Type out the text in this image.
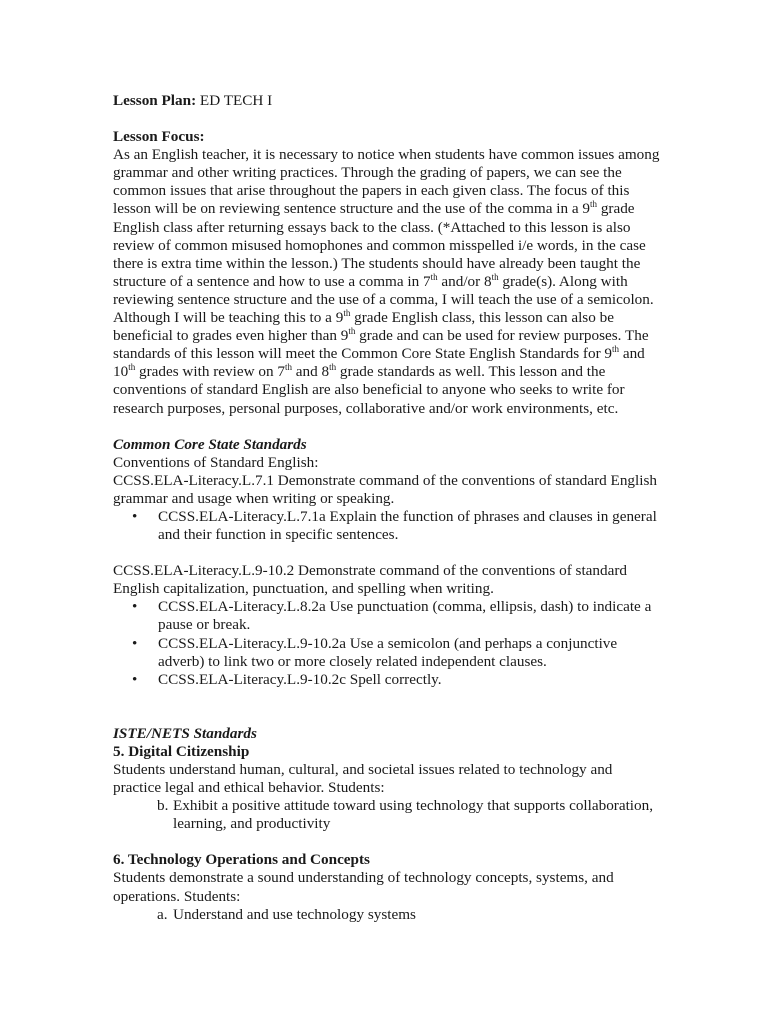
Lesson Plan: ED TECH I

Lesson Focus:

As an English teacher, it is necessary to notice when students have common issues among grammar and other writing practices. Through the grading of papers, we can see the common issues that arise throughout the papers in each given class. The focus of this lesson will be on reviewing sentence structure and the use of the comma in a 9th grade English class after returning essays back to the class. (*Attached to this lesson is also review of common misused homophones and common misspelled i/e words, in the case there is extra time within the lesson.) The students should have already been taught the structure of a sentence and how to use a comma in 7th and/or 8th grade(s). Along with reviewing sentence structure and the use of a comma, I will teach the use of a semicolon. Although I will be teaching this to a 9th grade English class, this lesson can also be beneficial to grades even higher than 9th grade and can be used for review purposes. The standards of this lesson will meet the Common Core State English Standards for 9th and 10th grades with review on 7th and 8th grade standards as well. This lesson and the conventions of standard English are also beneficial to anyone who seeks to write for research purposes, personal purposes, collaborative and/or work environments, etc.

Common Core State Standards

Conventions of Standard English:

CCSS.ELA-Literacy.L.7.1 Demonstrate command of the conventions of standard English grammar and usage when writing or speaking.

• CCSS.ELA-Literacy.L.7.1a Explain the function of phrases and clauses in general and their function in specific sentences.

CCSS.ELA-Literacy.L.9-10.2 Demonstrate command of the conventions of standard English capitalization, punctuation, and spelling when writing.

• CCSS.ELA-Literacy.L.8.2a Use punctuation (comma, ellipsis, dash) to indicate a pause or break.
• CCSS.ELA-Literacy.L.9-10.2a Use a semicolon (and perhaps a conjunctive adverb) to link two or more closely related independent clauses.
• CCSS.ELA-Literacy.L.9-10.2c Spell correctly.

ISTE/NETS Standards

5. Digital Citizenship

Students understand human, cultural, and societal issues related to technology and practice legal and ethical behavior. Students:

b. Exhibit a positive attitude toward using technology that supports collaboration, learning, and productivity

6. Technology Operations and Concepts

Students demonstrate a sound understanding of technology concepts, systems, and operations. Students:

a. Understand and use technology systems
